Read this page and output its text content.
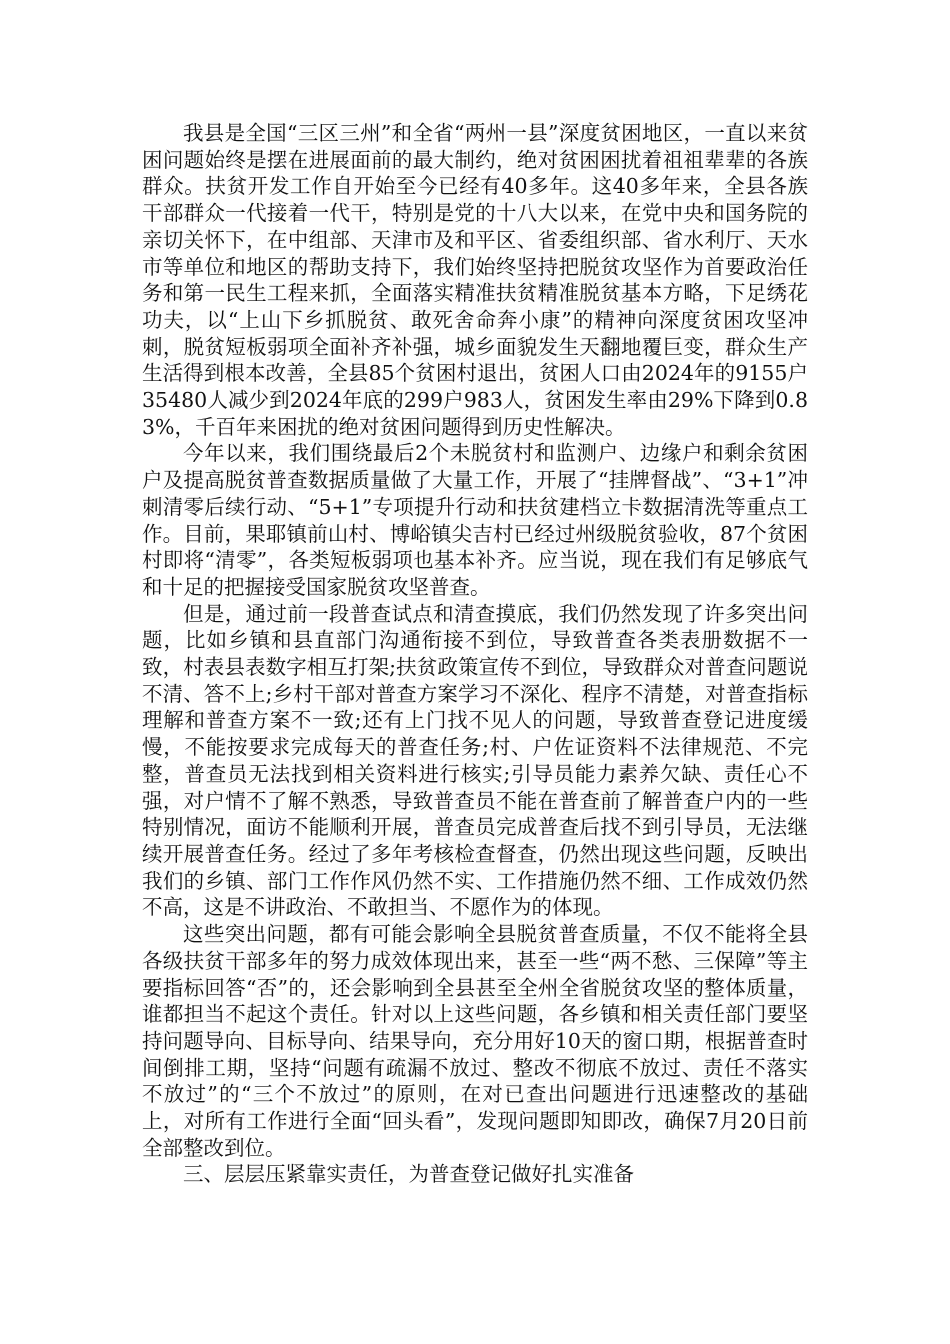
我县是全国“三区三州”和全省“两州一县”深度贫困地区，一直以来贫困问题始终是摆在进展面前的最大制约，绝对贫困困扰着祖祖辈辈的各族群众。扶贫开发工作自开始至今已经有40多年。这40多年来，全县各族干部群众一代接着一代干，特别是党的十八大以来，在党中央和国务院的亲切关怀下，在中组部、天津市及和平区、省委组织部、省水利厅、天水市等单位和地区的帮助支持下，我们始终坚持把脱贫攻坚作为首要政治任务和第一民生工程来抓，全面落实精准扶贫精准脱贫基本方略，下足绣花功夫，以“上山下乡抓脱贫、敢死舍命奔小康”的精神向深度贫困攻坚冲刺，脱贫短板弱项全面补齐补强，城乡面貌发生天翻地覆巨变，群众生产生活得到根本改善，全县85个贫困村退出，贫困人口由2024年的9155户35480人减少到2024年底的299户983人，贫困发生率由29%下降到0.83%，千百年来困扰的绝对贫困问题得到历史性解决。

今年以来，我们围绕最后2个未脱贫村和监测户、边缘户和剩余贫困户及提高脱贫普查数据质量做了大量工作，开展了“挂牌督战”、“3+1”冲刺清零后续行动、“5+1”专项提升行动和扶贫建档立卡数据清洗等重点工作。目前，果耶镇前山村、博峪镇尖吉村已经过州级脱贫验收，87个贫困村即将“清零”，各类短板弱项也基本补齐。应当说，现在我们有足够底气和十足的把握接受国家脱贫攻坚普查。

但是，通过前一段普查试点和清查摸底，我们仍然发现了许多突出问题，比如乡镇和县直部门沟通衔接不到位，导致普查各类表册数据不一致，村表县表数字相互打架;扶贫政策宣传不到位，导致群众对普查问题说不清、答不上;乡村干部对普查方案学习不深化、程序不清楚，对普查指标理解和普查方案不一致;还有上门找不见人的问题，导致普查登记进度缓慢，不能按要求完成每天的普查任务;村、户佐证资料不法律规范、不完整，普查员无法找到相关资料进行核实;引导员能力素养欠缺、责任心不强，对户情不了解不熟悉，导致普查员不能在普查前了解普查户内的一些特别情况，面访不能顺利开展，普查员完成普查后找不到引导员，无法继续开展普查任务。经过了多年考核检查督查，仍然出现这些问题，反映出我们的乡镇、部门工作作风仍然不实、工作措施仍然不细、工作成效仍然不高，这是不讲政治、不敢担当、不愿作为的体现。

这些突出问题，都有可能会影响全县脱贫普查质量，不仅不能将全县各级扶贫干部多年的努力成效体现出来，甚至一些“两不愁、三保障”等主要指标回答“否”的，还会影响到全县甚至全州全省脱贫攻坚的整体质量，谁都担当不起这个责任。针对以上这些问题，各乡镇和相关责任部门要坚持问题导向、目标导向、结果导向，充分用好10天的窗口期，根据普查时间倒排工期，坚持“问题有疏漏不放过、整改不彻底不放过、责任不落实不放过”的“三个不放过”的原则，在对已查出问题进行迅速整改的基础上，对所有工作进行全面“回头看”，发现问题即知即改，确保7月20日前全部整改到位。

三、层层压紧靠实责任，为普查登记做好扎实准备
